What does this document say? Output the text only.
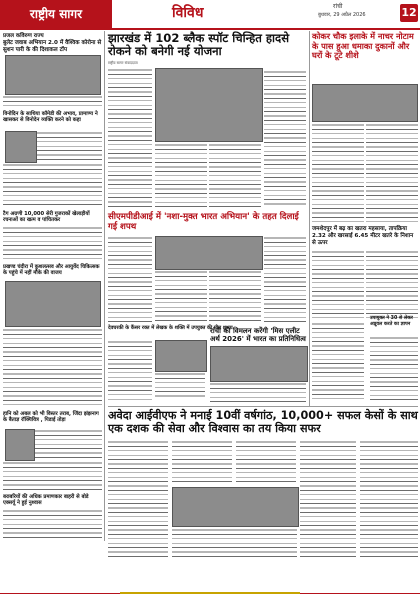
राष्ट्रीय सागर	विविध	रांची
बुधवार, 29 अप्रैल 2026	12
प्रजल कविरुण राज्य
बुलेट जवाब अभियान 2.0 में वैश्विक कोरोना से सुशन पारी के की दिशाकल टॉप
विनोदिन के साथिया कॉमेडी की अभाव, प्रामाण्य ने खासकर से विनोदेन व्यक्ति करने को कहा
टैग अग्रणी 10,000 सेरी गुजराकों खेलाड़ीयों रचनाओं का खत्म व पांचितकर
प्रखण्ड चंदीरा में कुशलत्सव और आयुर्वेद चिकित्सक के पहुंचे में नहीं मौके की वाजय
हानि को अबल को भी विस्तर तराब, जिंदा झंझनाग के बैताज्ञ रॉक्यिवित्र , पिडाई तोड़ा
बराबरियों की अधिक प्रमाणकार बाहरी से बोडे एक्सर्यू ने हुई नुश्वास
झारखंड में 102 ब्लैक स्पॉट चिन्हित हादसे रोकने को बनेगी नई योजना
राष्ट्रीय सागर संवाददाता
सीएमपीडीआई में 'नशा-मुक्त भारत अभियान' के तहत दिलाई गई शपथ
देवघरकी के कैंसर रक्त में लेखक के शक्ति में उपयुक्त की मीत शुभय
रांची की विमलन करेंगी 'मिस एलीट अर्थ 2026' में भारत का प्रतिनिधित्व
कोकर चौक इलाके में नाचर नोटाम के पास हुआ धमाका दुकानों और घरों के टूटे शीशे
जमशेदपुर में बढ़ का खतरा महसाया, तापक्रिया 2.32 और खरसाई 6.45 मीटर खतरे के निशान से ऊपर
उपायुक्त ने 30 से लेकर अप्रूवल करते का ज्ञापन
अवेदा आईवीएफ ने मनाई 10वीं वर्षगांठ, 10,000+ सफल केसों के साथ एक दशक की सेवा और विश्वास का तय किया सफर
